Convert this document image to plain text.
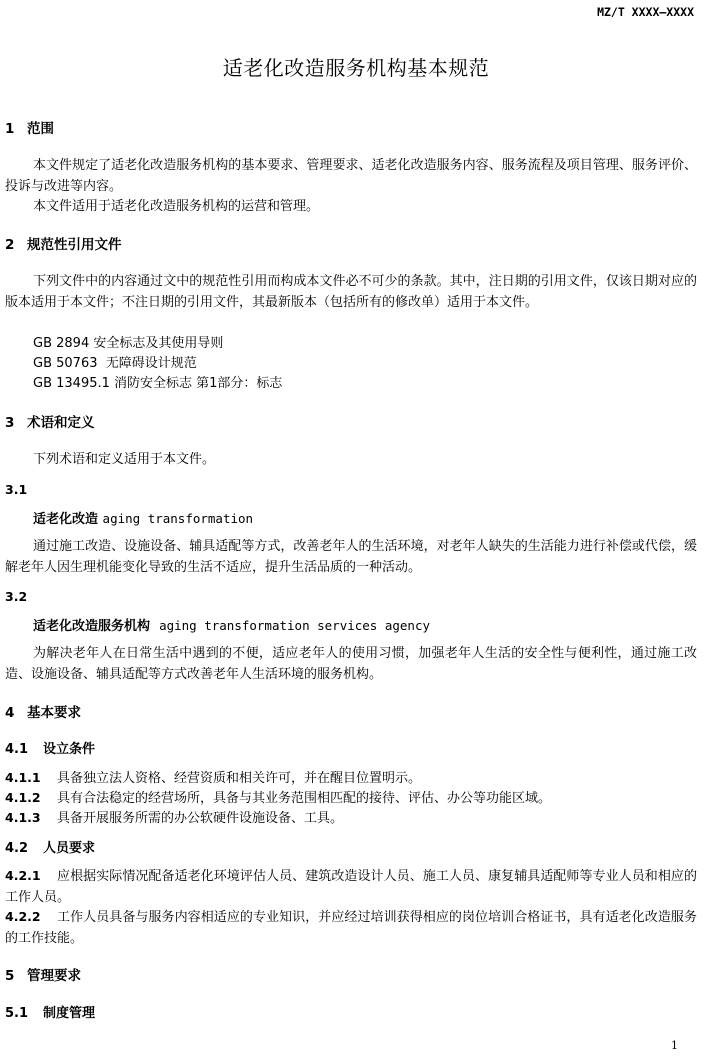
MZ/T XXXX—XXXX
适老化改造服务机构基本规范
1 范围
本文件规定了适老化改造服务机构的基本要求、管理要求、适老化改造服务内容、服务流程及项目管理、服务评价、投诉与改进等内容。
本文件适用于适老化改造服务机构的运营和管理。
2 规范性引用文件
下列文件中的内容通过文中的规范性引用而构成本文件必不可少的条款。其中，注日期的引用文件，仅该日期对应的版本适用于本文件；不注日期的引用文件，其最新版本（包括所有的修改单）适用于本文件。
GB 2894 安全标志及其使用导则
GB 50763  无障碍设计规范
GB 13495.1 消防安全标志 第1部分：标志
3 术语和定义
下列术语和定义适用于本文件。
3.1
适老化改造 aging transformation
通过施工改造、设施设备、辅具适配等方式，改善老年人的生活环境，对老年人缺失的生活能力进行补偿或代偿，缓解老年人因生理机能变化导致的生活不适应，提升生活品质的一种活动。
3.2
适老化改造服务机构 aging transformation services agency
为解决老年人在日常生活中遇到的不便，适应老年人的使用习惯，加强老年人生活的安全性与便利性，通过施工改造、设施设备、辅具适配等方式改善老年人生活环境的服务机构。
4 基本要求
4.1 设立条件
4.1.1 具备独立法人资格、经营资质和相关许可，并在醒目位置明示。
4.1.2 具有合法稳定的经营场所，具备与其业务范围相匹配的接待、评估、办公等功能区域。
4.1.3 具备开展服务所需的办公软硬件设施设备、工具。
4.2 人员要求
4.2.1 应根据实际情况配备适老化环境评估人员、建筑改造设计人员、施工人员、康复辅具适配师等专业人员和相应的工作人员。
4.2.2 工作人员具备与服务内容相适应的专业知识，并应经过培训获得相应的岗位培训合格证书，具有适老化改造服务的工作技能。
5 管理要求
5.1 制度管理
1
